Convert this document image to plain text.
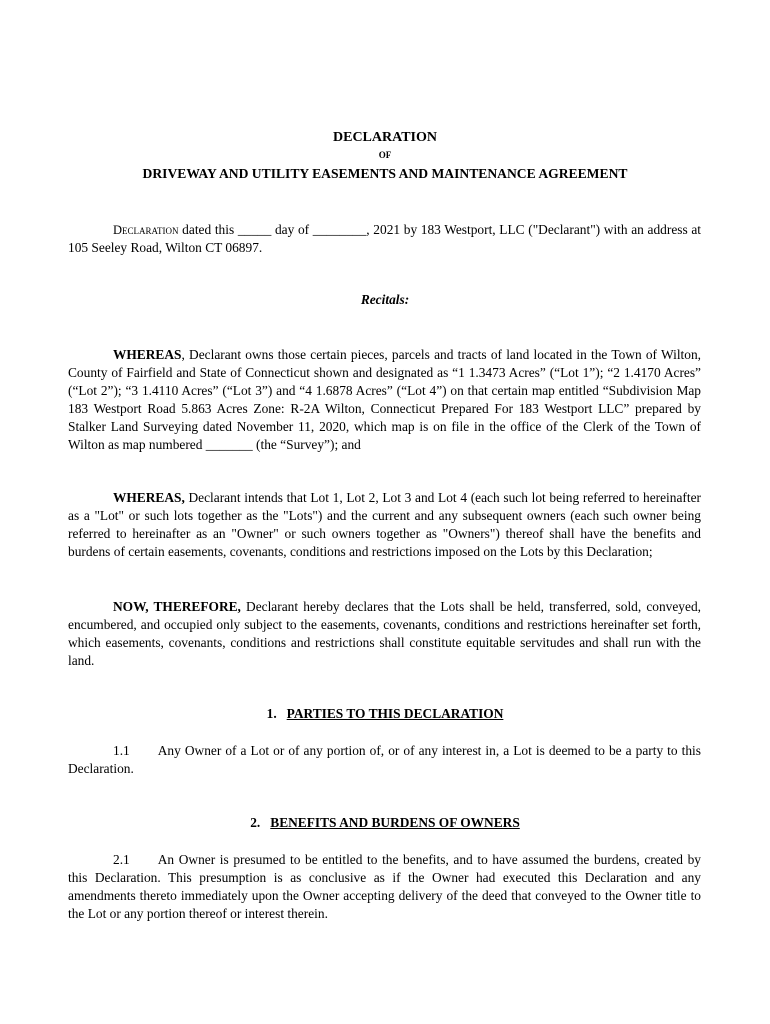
DECLARATION
OF
DRIVEWAY AND UTILITY EASEMENTS AND MAINTENANCE AGREEMENT
Declaration dated this _____ day of ________, 2021 by 183 Westport, LLC ("Declarant") with an address at 105 Seeley Road, Wilton CT 06897.
Recitals:
WHEREAS, Declarant owns those certain pieces, parcels and tracts of land located in the Town of Wilton, County of Fairfield and State of Connecticut shown and designated as “1 1.3473 Acres” (“Lot 1”); “2 1.4170 Acres” (“Lot 2”); “3 1.4110 Acres” (“Lot 3”) and “4 1.6878 Acres” (“Lot 4”) on that certain map entitled “Subdivision Map 183 Westport Road 5.863 Acres Zone: R-2A Wilton, Connecticut Prepared For 183 Westport LLC” prepared by Stalker Land Surveying dated November 11, 2020, which map is on file in the office of the Clerk of the Town of Wilton as map numbered _______ (the “Survey”); and
WHEREAS, Declarant intends that Lot 1, Lot 2, Lot 3 and Lot 4 (each such lot being referred to hereinafter as a "Lot" or such lots together as the "Lots") and the current and any subsequent owners (each such owner being referred to hereinafter as an "Owner" or such owners together as "Owners") thereof shall have the benefits and burdens of certain easements, covenants, conditions and restrictions imposed on the Lots by this Declaration;
NOW, THEREFORE, Declarant hereby declares that the Lots shall be held, transferred, sold, conveyed, encumbered, and occupied only subject to the easements, covenants, conditions and restrictions hereinafter set forth, which easements, covenants, conditions and restrictions shall constitute equitable servitudes and shall run with the land.
1. PARTIES TO THIS DECLARATION
1.1 Any Owner of a Lot or of any portion of, or of any interest in, a Lot is deemed to be a party to this Declaration.
2. BENEFITS AND BURDENS OF OWNERS
2.1 An Owner is presumed to be entitled to the benefits, and to have assumed the burdens, created by this Declaration. This presumption is as conclusive as if the Owner had executed this Declaration and any amendments thereto immediately upon the Owner accepting delivery of the deed that conveyed to the Owner title to the Lot or any portion thereof or interest therein.
